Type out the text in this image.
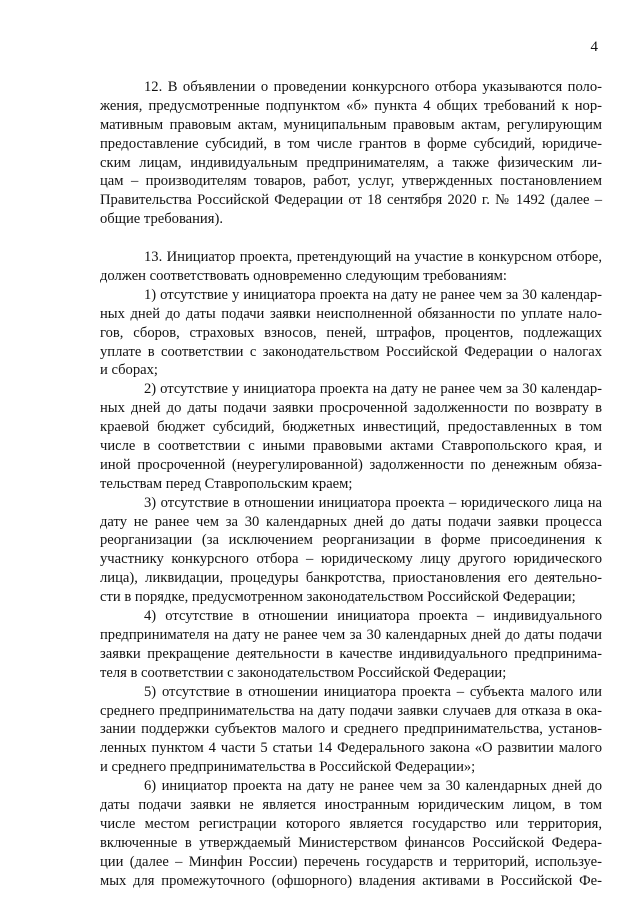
4
12. В объявлении о проведении конкурсного отбора указываются поло-
жения, предусмотренные подпунктом «б» пункта 4 общих требований к нор-
мативным правовым актам, муниципальным правовым актам, регулирующим
предоставление субсидий, в том числе грантов в форме субсидий, юридиче-
ским лицам, индивидуальным предпринимателям, а также физическим ли-
цам – производителям товаров, работ, услуг, утвержденных постановлением
Правительства Российской Федерации от 18 сентября 2020 г. № 1492 (далее –
общие требования).
13. Инициатор проекта, претендующий на участие в конкурсном отборе,
должен соответствовать одновременно следующим требованиям:
1) отсутствие у инициатора проекта на дату не ранее чем за 30 календар-
ных дней до даты подачи заявки неисполненной обязанности по уплате нало-
гов, сборов, страховых взносов, пеней, штрафов, процентов, подлежащих
уплате в соответствии с законодательством Российской Федерации о налогах
и сборах;
2) отсутствие у инициатора проекта на дату не ранее чем за 30 календар-
ных дней до даты подачи заявки просроченной задолженности по возврату в
краевой бюджет субсидий, бюджетных инвестиций, предоставленных в том
числе в соответствии с иными правовыми актами Ставропольского края, и
иной просроченной (неурегулированной) задолженности по денежным обяза-
тельствам перед Ставропольским краем;
3) отсутствие в отношении инициатора проекта – юридического лица на
дату не ранее чем за 30 календарных дней до даты подачи заявки процесса
реорганизации (за исключением реорганизации в форме присоединения к
участнику конкурсного отбора – юридическому лицу другого юридического
лица), ликвидации, процедуры банкротства, приостановления его деятельно-
сти в порядке, предусмотренном законодательством Российской Федерации;
4) отсутствие в отношении инициатора проекта – индивидуального
предпринимателя на дату не ранее чем за 30 календарных дней до даты подачи
заявки прекращение деятельности в качестве индивидуального предпринима-
теля в соответствии с законодательством Российской Федерации;
5) отсутствие в отношении инициатора проекта – субъекта малого или
среднего предпринимательства на дату подачи заявки случаев для отказа в ока-
зании поддержки субъектов малого и среднего предпринимательства, установ-
ленных пунктом 4 части 5 статьи 14 Федерального закона «О развитии малого
и среднего предпринимательства в Российской Федерации»;
6) инициатор проекта на дату не ранее чем за 30 календарных дней до
даты подачи заявки не является иностранным юридическим лицом, в том
числе местом регистрации которого является государство или территория,
включенные в утверждаемый Министерством финансов Российской Федера-
ции (далее – Минфин России) перечень государств и территорий, используе-
мых для промежуточного (офшорного) владения активами в Российской Фе-
